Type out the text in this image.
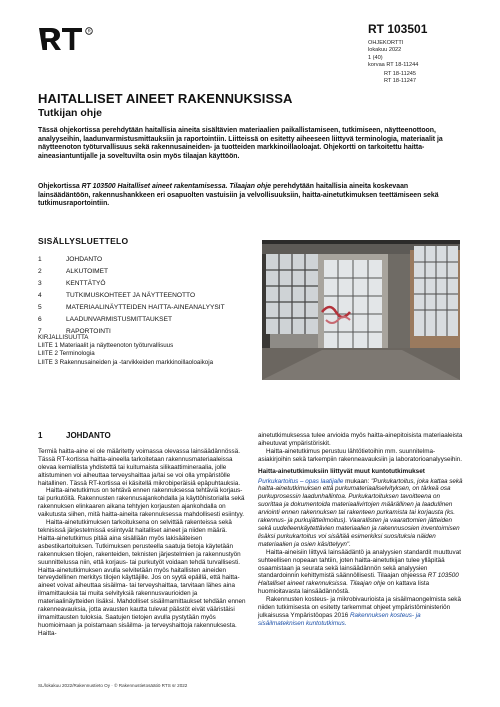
R	RT 103501
OHJEKORTTI
lokakuu 2022
1 (40)
korvaa RT 18-11244
RT 18-11245
RT 18-11247
HAITALLISET AINEET RAKENNUKSISSA
Tutkijan ohje
Tässä ohjekortissa perehdytään haitallisia aineita sisältävien materiaalien paikallistamiseen, tutkimiseen, näytteenottoon, analyyseihin, laadunvarmistusmittauksiin ja raportointiin. Liitteissä on esitetty aiheeseen liittyvä terminologia, materiaalit ja näytteenoton työturvallisuus sekä rakennusaineiden- ja tuotteiden markkinoillaoloajat. Ohjekortti on tarkoitettu haitta-aineasiantuntijalle ja soveltuvilta osin myös tilaajan käyttöön.
Ohjekortissa RT 103500 Haitalliset aineet rakentamisessa. Tilaajan ohje perehdytään haitallisia aineita koskevaan lainsäädäntöön, rakennushankkeen eri osapuolten vastuisiin ja velvollisuuksiin, haitta-ainetutkimuksen teettämiseen sekä tutkimusraportointiin.
SISÄLLYSLUETTELO
1	JOHDANTO
2	ALKUTOIMET
3	KENTTÄTYÖ
4	TUTKIMUSKOHTEET JA NÄYTTEENOTTO
5	MATERIAALINÄYTTEIDEN HAITTA-AINEANALYYSIT
6	LAADUNVARMISTUSMITTAUKSET
7	RAPORTOINTI
KIRJALLISUUTTA
LIITE 1 Materiaalit ja näytteenoton työturvallisuus
LIITE 2 Terminologia
LIITE 3 Rakennusaineiden ja -tarvikkeiden markkinoillaoloaikoja
1	JOHDANTO
Termiä haitta-aine ei ole määritetty voimassa olevassa lainsäädännössä. Tässä RT-kortissa haitta-aineella tarkoitetaan rakennusmateriaaleissa olevaa kemiallista yhdistettä tai kuitumaista silikaattimineraalia, jolle altistuminen voi aiheuttaa terveyshaittaa ja/tai se voi olla ympäristölle haitallinen. Tässä RT-kortissa ei käsitellä mikrobiperäisiä epäpuhtauksia.
Haitta-ainetutkimus on tehtävä ennen rakennuksessa tehtäviä korjaus- tai purkutöitä. Rakennusten rakennusajankohdalla ja käyttöhistorialla sekä rakennuksen elinkaaren aikana tehtyjen korjausten ajankohdalla on vaikutusta siihen, mitä haitta-aineita rakennuksessa mahdollisesti esiintyy.
Haitta-ainetutkimuksen tarkoituksena on selvittää rakenteissa sekä teknisissä järjestelmissä esiintyvät haitalliset aineet ja niiden määrä. Haitta-ainetutkimus pitää aina sisällään myös lakisääteisen asbestikartoituksen. Tutkimuksen perusteella saatuja tietoja käytetään rakennuksen tilojen, rakenteiden, teknisten järjestelmien ja rakennustyön suunnittelussa niin, että korjaus- tai purkutyöt voidaan tehdä turvallisesti. Haitta-ainetutkimuksen avulla selvitetään myös haitallisten aineiden terveydellinen merkitys tilojen käyttäjille. Jos on syytä epäillä, että haitta-aineet voivat aiheuttaa sisäilma- tai terveyshaittaa, tarvitaan lähes aina ilmamittauksia tai muita selvityksiä rakennusvaurioiden ja materiaalinäytteiden lisäksi. Mahdolliset sisäilmamittaukset tehdään ennen rakenneavauksia, jotta avausten kautta tulevat päästöt eivät vääristäisi ilmamittausten tuloksia. Saatujen tietojen avulla pystytään myös huomioimaan ja poistamaan sisäilma- ja terveyshaittoja rakennuksesta. Haitta-
ainetutkimuksessa tulee arvioida myös haitta-ainepitoisista materiaaleista aiheutuvat ympäristöriskit.
Haitta-ainetutkimus perustuu lähtötietoihin mm. suunnitelma-asiakirjoihin sekä tarkempiin rakenneavauksiin ja laboratorioanalyyseihin.
Haitta-ainetutkimuksiin liittyvät muut kuntotutkimukset
Purkukartoitus – opas laatijalle mukaan: "Purkukartoitus, joka kattaa sekä haitta-ainetutkimuksen että purkumateriaaliselvityksen, on tärkeä osa purkuprosessin laadunhallintoa. Purkukartoituksen tavoitteena on suorittaa ja dokumentoida materiaalivirtojen määrällinen ja laadullinen arviointi ennen rakennuksen tai rakenteen purkamista tai korjausta (ks. rakennus- ja purkujätteilmoitus). Vaarallisten ja vaarattomien jätteiden sekä uudelleenkäytettävien materiaalien ja rakennusosien inventoimisen lisäksi purkukartoitus voi sisältää esimerkiksi suosituksia näiden materiaalien ja osien käsittelyyn".
Haitta-aineisiin liittyvä lainsäädäntö ja analyysien standardit muuttuvat suhteellisen nopeaan tahtiin, joten haitta-ainetutkijan tulee ylläpitää osaamistaan ja seurata sekä lainsäädännön sekä analyysien standardoinnin kehittymistä säännöllisesti. Tilaajan ohjeessa RT 103500 Haitalliset aineet rakennuksissa. Tilaajan ohje on kattava lista huomioitavasta lainsäädännöstä.
Rakennusten kosteus- ja mikrobivaurioista ja sisäilmaongelmista sekä niiden tutkimisesta on esitetty tarkemmat ohjeet ympäristöministeriön julkaisussa Ympäristöopas 2016 Rakennuksen kosteus- ja sisäilmateknisen kuntotutkimus.
SL/lokakuu 2022/Rakennustieto Oy · © Rakennustietosäätiö RTS sr 2022
